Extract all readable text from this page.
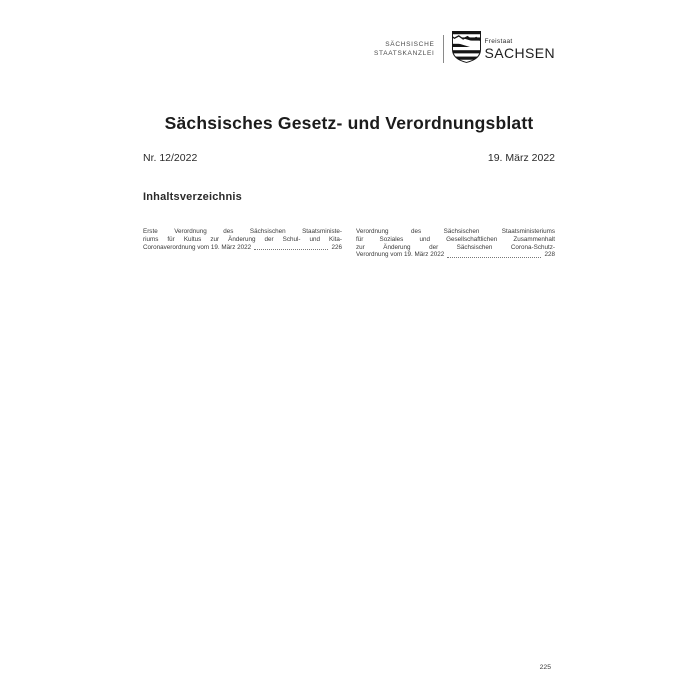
SÄCHSISCHE
STAATSKANZLEI
Freistaat
SACHSEN
Sächsisches Gesetz- und Verordnungsblatt
Nr. 12/2022	19. März 2022
Inhaltsverzeichnis
Erste Verordnung des Sächsischen Staatsministe-
riums für Kultus zur Änderung der Schul- und Kita-
Coronaverordnung vom 19. März 2022	226
Verordnung des Sächsischen Staatsministeriums
für Soziales und Gesellschaftlichen Zusammenhalt
zur Änderung der Sächsischen Corona-Schutz-
Verordnung vom 19. März 2022	228
225
